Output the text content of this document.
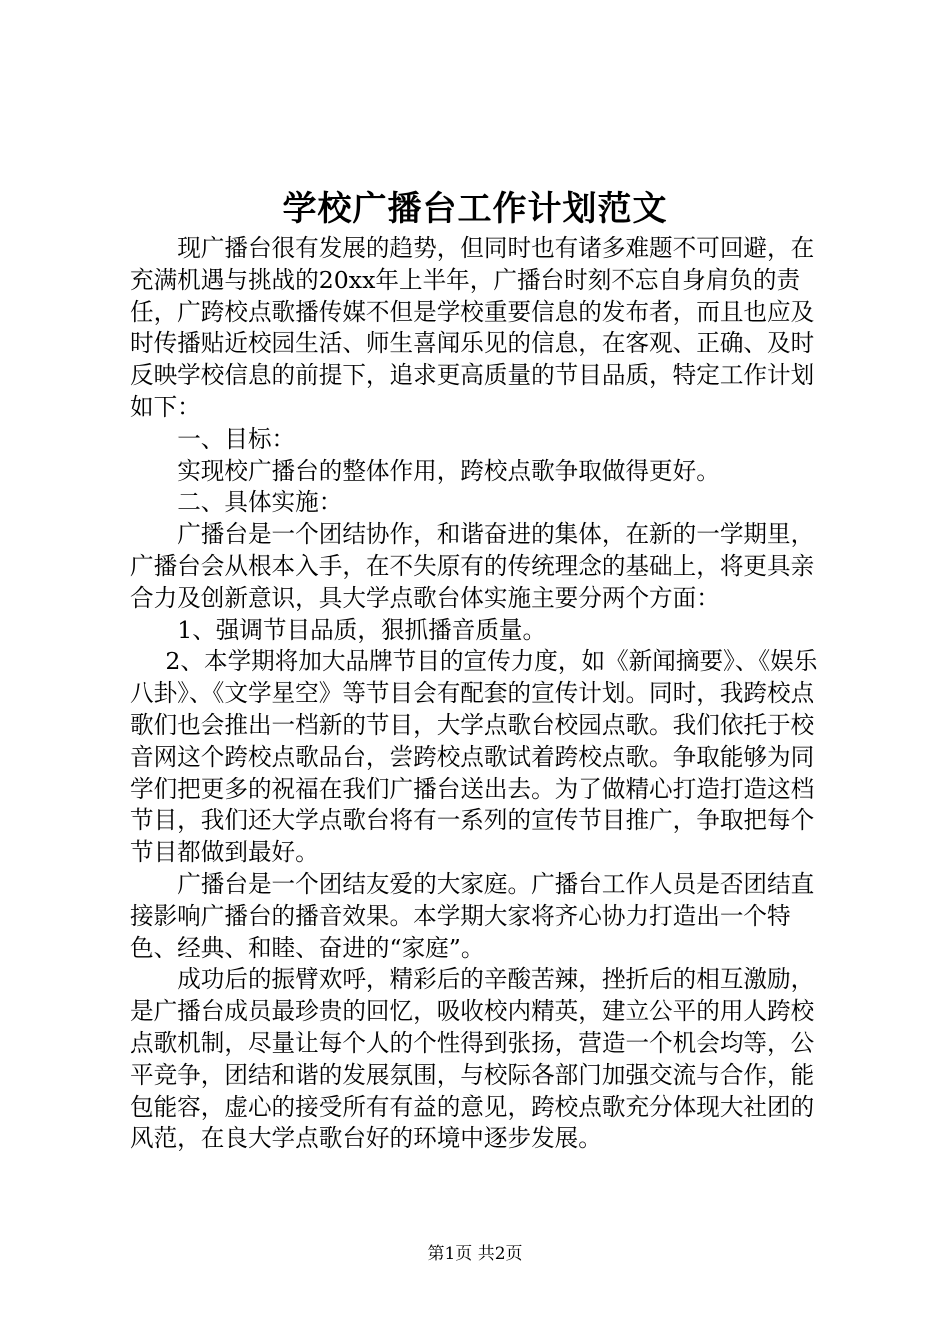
学校广播台工作计划范文

现广播台很有发展的趋势，但同时也有诸多难题不可回避，在充满机遇与挑战的20xx年上半年，广播台时刻不忘自身肩负的责任，广跨校点歌播传媒不但是学校重要信息的发布者，而且也应及时传播贴近校园生活、师生喜闻乐见的信息，在客观、正确、及时反映学校信息的前提下，追求更高质量的节目品质，特定工作计划如下：

一、目标：

实现校广播台的整体作用，跨校点歌争取做得更好。

二、具体实施：

广播台是一个团结协作，和谐奋进的集体，在新的一学期里，广播台会从根本入手，在不失原有的传统理念的基础上，将更具亲合力及创新意识，具大学点歌台体实施主要分两个方面：

1、强调节目品质，狠抓播音质量。

2、本学期将加大品牌节目的宣传力度，如《新闻摘要》、《娱乐八卦》、《文学星空》等节目会有配套的宣传计划。同时，我跨校点歌们也会推出一档新的节目，大学点歌台校园点歌。我们依托于校音网这个跨校点歌品台，尝跨校点歌试着跨校点歌。争取能够为同学们把更多的祝福在我们广播台送出去。为了做精心打造打造这档节目，我们还大学点歌台将有一系列的宣传节目推广，争取把每个节目都做到最好。

广播台是一个团结友爱的大家庭。广播台工作人员是否团结直接影响广播台的播音效果。本学期大家将齐心协力打造出一个特色、经典、和睦、奋进的“家庭”。

成功后的振臂欢呼，精彩后的辛酸苦辣，挫折后的相互激励，是广播台成员最珍贵的回忆，吸收校内精英，建立公平的用人跨校点歌机制，尽量让每个人的个性得到张扬，营造一个机会均等，公平竞争，团结和谐的发展氛围，与校际各部门加强交流与合作，能包能容，虚心的接受所有有益的意见，跨校点歌充分体现大社团的风范，在良大学点歌台好的环境中逐步发展。

第1页 共2页
